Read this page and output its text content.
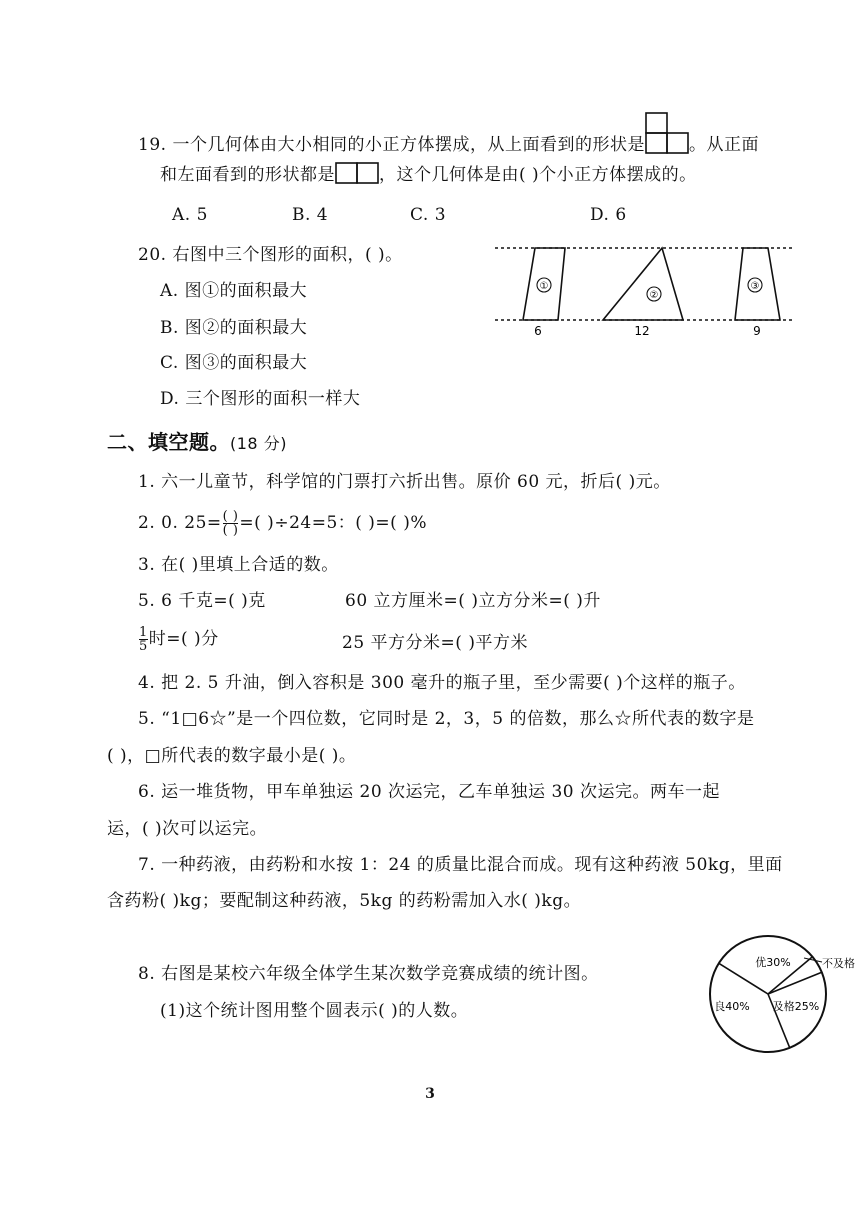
19. 一个几何体由大小相同的小正方体摆成，从上面看到的形状是	。从正面
和左面看到的形状都是	，这个几何体是由( )个小正方体摆成的。
A. 5	B. 4	C. 3	D. 6
20. 右图中三个图形的面积，( )。
A. 图①的面积最大
B. 图②的面积最大
C. 图③的面积最大
D. 三个图形的面积一样大
①
②
③
6	12	9
二、填空题。(18 分)
1. 六一儿童节，科学馆的门票打六折出售。原价 60 元，折后( )元。
2. 0. $25= \frac{( )}{( )}$ =( )÷24=5：( )=( )%
3. 在( )里填上合适的数。
5. 6 千克=( )克	60 立方厘米=( )立方分米=( )升
$\frac{1}{5}$ 时=( )分	25 平方分米=( )平方米
4. 把 2. 5 升油，倒入容积是 300 毫升的瓶子里，至少需要( )个这样的瓶子。
5. “1□6☆”是一个四位数，它同时是 2，3，5 的倍数，那么☆所代表的数字是
( )，□所代表的数字最小是( )。
6. 运一堆货物，甲车单独运 20 次运完，乙车单独运 30 次运完。两车一起
运，( )次可以运完。
7. 一种药液，由药粉和水按 1：24 的质量比混合而成。现有这种药液 50kg，里面
含药粉( )kg；要配制这种药液，5kg 的药粉需加入水( )kg。
8. 右图是某校六年级全体学生某次数学竞赛成绩的统计图。
(1)这个统计图用整个圆表示( )的人数。
优30%
良40% 及格25%
不及格
3
